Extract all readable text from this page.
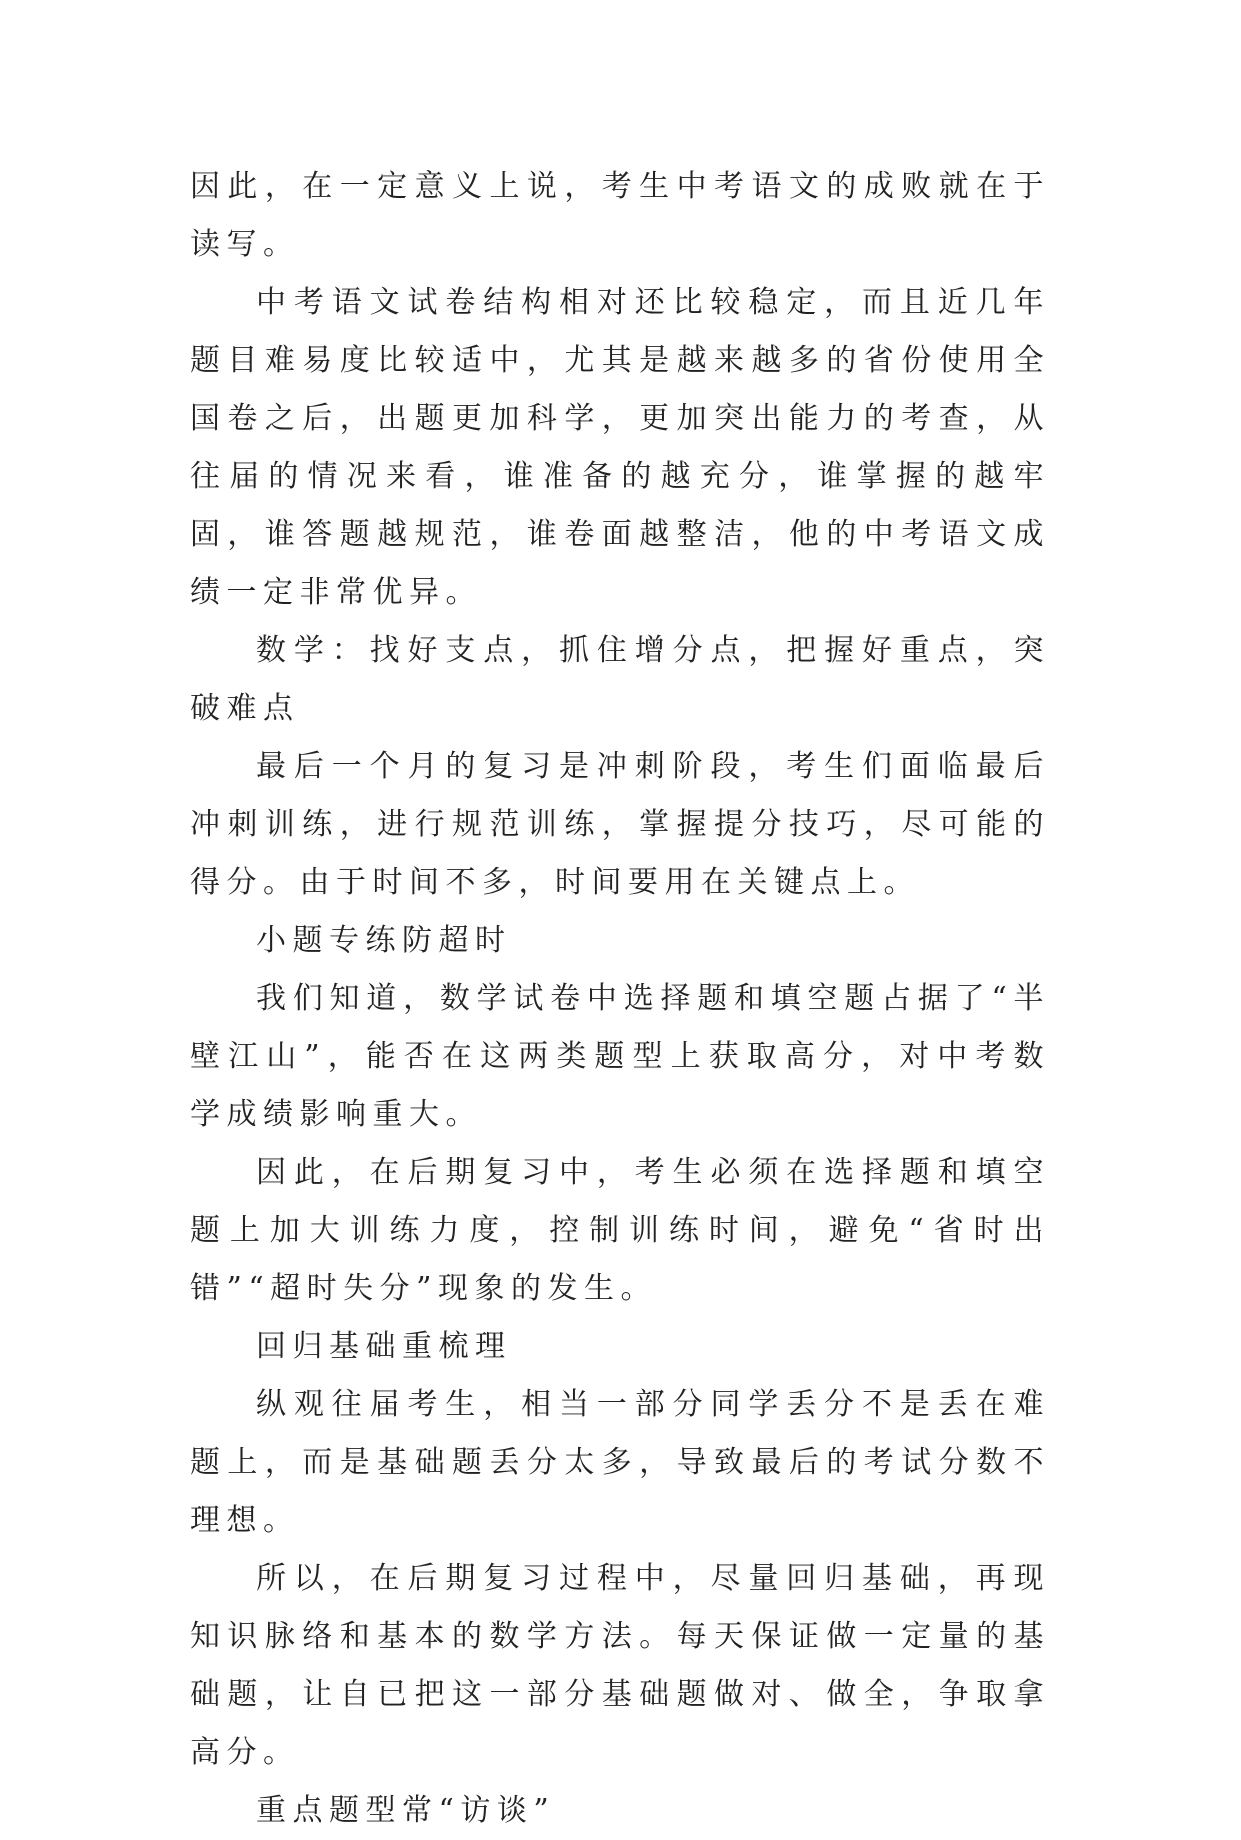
因此，在一定意义上说，考生中考语文的成败就在于读写。

中考语文试卷结构相对还比较稳定，而且近几年题目难易度比较适中，尤其是越来越多的省份使用全国卷之后，出题更加科学，更加突出能力的考查，从往届的情况来看，谁准备的越充分，谁掌握的越牢固，谁答题越规范，谁卷面越整洁，他的中考语文成绩一定非常优异。

数学：找好支点，抓住增分点，把握好重点，突破难点

最后一个月的复习是冲刺阶段，考生们面临最后冲刺训练，进行规范训练，掌握提分技巧，尽可能的得分。由于时间不多，时间要用在关键点上。

小题专练防超时

我们知道，数学试卷中选择题和填空题占据了“半壁江山”，能否在这两类题型上获取高分，对中考数学成绩影响重大。

因此，在后期复习中，考生必须在选择题和填空题上加大训练力度，控制训练时间，避免“省时出错”“超时失分”现象的发生。

回归基础重梳理

纵观往届考生，相当一部分同学丢分不是丢在难题上，而是基础题丢分太多，导致最后的考试分数不理想。

所以，在后期复习过程中，尽量回归基础，再现知识脉络和基本的数学方法。每天保证做一定量的基础题，让自已把这一部分基础题做对、做全，争取拿高分。

重点题型常“访谈”
